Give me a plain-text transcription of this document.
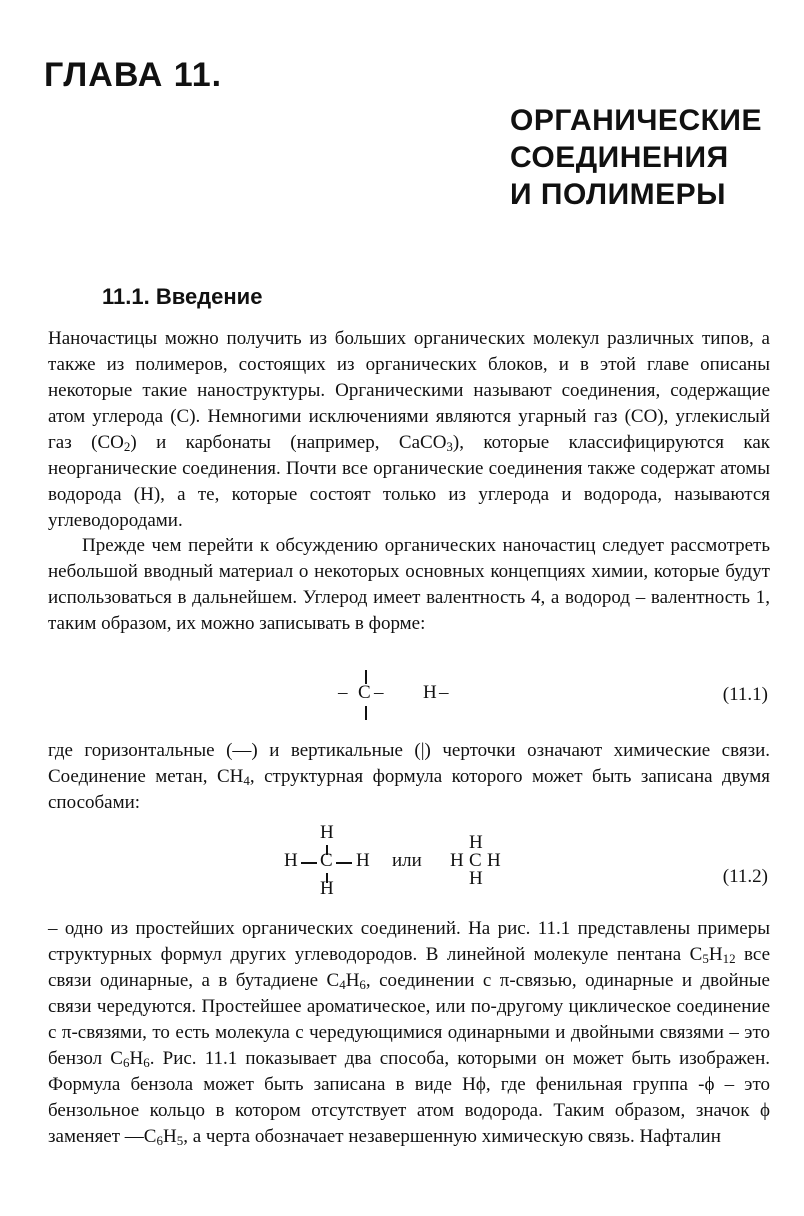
ГЛАВА 11.
ОРГАНИЧЕСКИЕ
СОЕДИНЕНИЯ
И ПОЛИМЕРЫ
11.1. Введение
Наночастицы можно получить из больших органических молекул различных типов, а также из полимеров, состоящих из органических блоков, и в этой главе описаны некоторые такие наноструктуры. Органическими называют соединения, содержащие атом углерода (C). Немногими исключениями являются угарный газ (CO), углекислый газ $(CO_2)$ и карбонаты (например, CaCO$_3$), которые классифицируются как неорганические соединения. Почти все органические соединения также содержат атомы водорода (H), а те, которые состоят только из углерода и водорода, называются углеводородами.
Прежде чем перейти к обсуждению органических наночастиц следует рассмотреть небольшой вводный материал о некоторых основных концепциях химии, которые будут использоваться в дальнейшем. Углерод имеет валентность 4, а водород – валентность 1, таким образом, их можно записывать в форме:
– C – H –	(11.1)
где горизонтальные (—) и вертикальные (|) черточки означают химические связи. Соединение метан, $CH_4$, структурная формула которого может быть записана двумя способами:
H
H C H
H
или
H
H C H
H	(11.2)
– одно из простейших органических соединений. На рис. 11.1 представлены примеры структурных формул других углеводородов. В линейной молекуле пентана $C_5H_{12}$ все связи одинарные, а в бутадиене $C_4H_6$, соединении с π-связью, одинарные и двойные связи чередуются. Простейшее ароматическое, или по-другому циклическое соединение с π-связями, то есть молекула с чередующимися одинарными и двойными связями – это бензол $C_6H_6$. Рис. 11.1 показывает два способа, которыми он может быть изображен. Формула бензола может быть записана в виде Hϕ, где фенильная группа -ϕ – это бензольное кольцо в котором отсутствует атом водорода. Таким образом, значок ϕ заменяет $—C_6H_5$, а черта обозначает незавершенную химическую связь. Нафталин
